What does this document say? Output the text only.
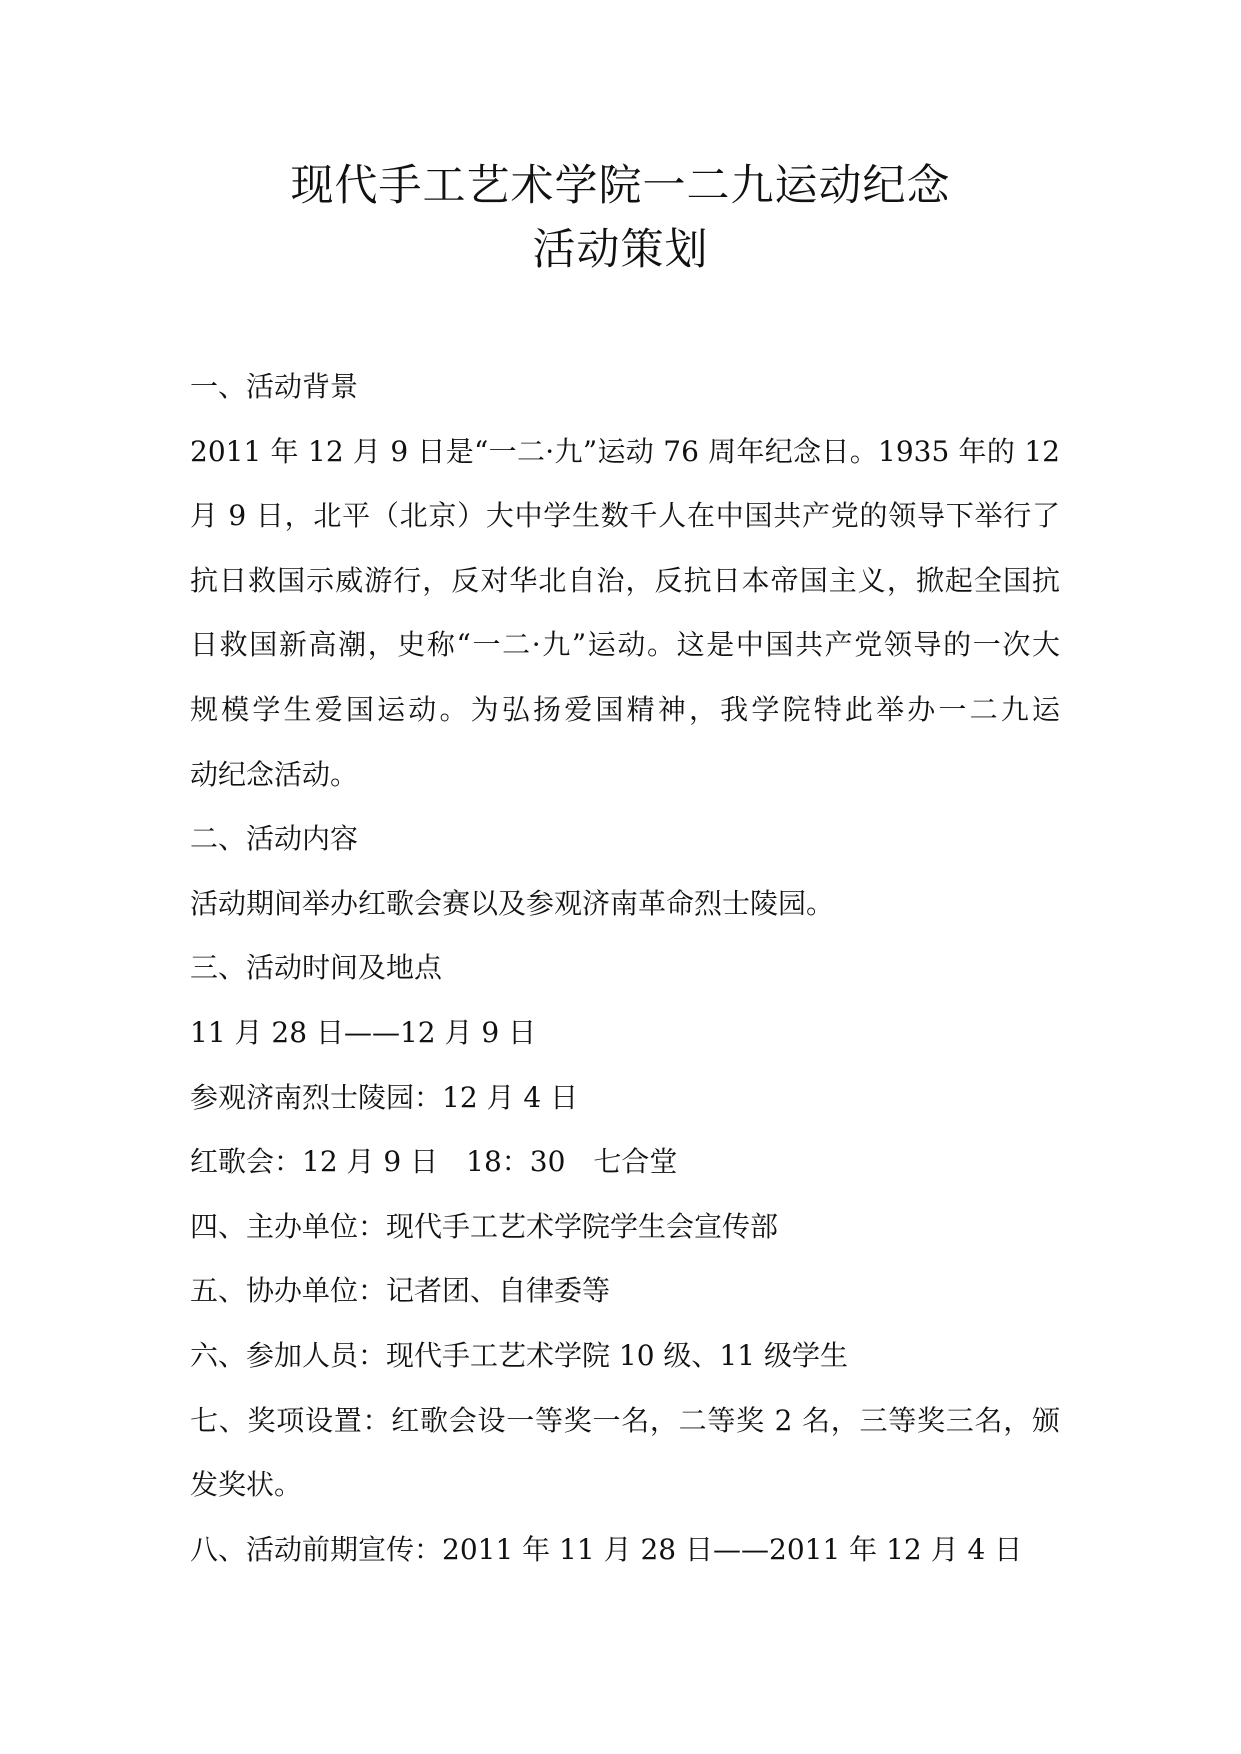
现代手工艺术学院一二九运动纪念
活动策划
一、活动背景
2011 年 12 月 9 日是“一二·九”运动 76 周年纪念日。1935 年的 12
月 9 日，北平（北京）大中学生数千人在中国共产党的领导下举行了
抗日救国示威游行，反对华北自治，反抗日本帝国主义，掀起全国抗
日救国新高潮，史称“一二·九”运动。这是中国共产党领导的一次大
规模学生爱国运动。为弘扬爱国精神，我学院特此举办一二九运
动纪念活动。
二、活动内容
活动期间举办红歌会赛以及参观济南革命烈士陵园。
三、活动时间及地点
11 月 28 日——12 月 9 日
参观济南烈士陵园：12 月 4 日
红歌会：12 月 9 日　18：30　七合堂
四、主办单位：现代手工艺术学院学生会宣传部
五、协办单位：记者团、自律委等
六、参加人员：现代手工艺术学院 10 级、11 级学生
七、奖项设置：红歌会设一等奖一名，二等奖 2 名，三等奖三名，颁
发奖状。
八、活动前期宣传：2011 年 11 月 28 日——2011 年 12 月 4 日
